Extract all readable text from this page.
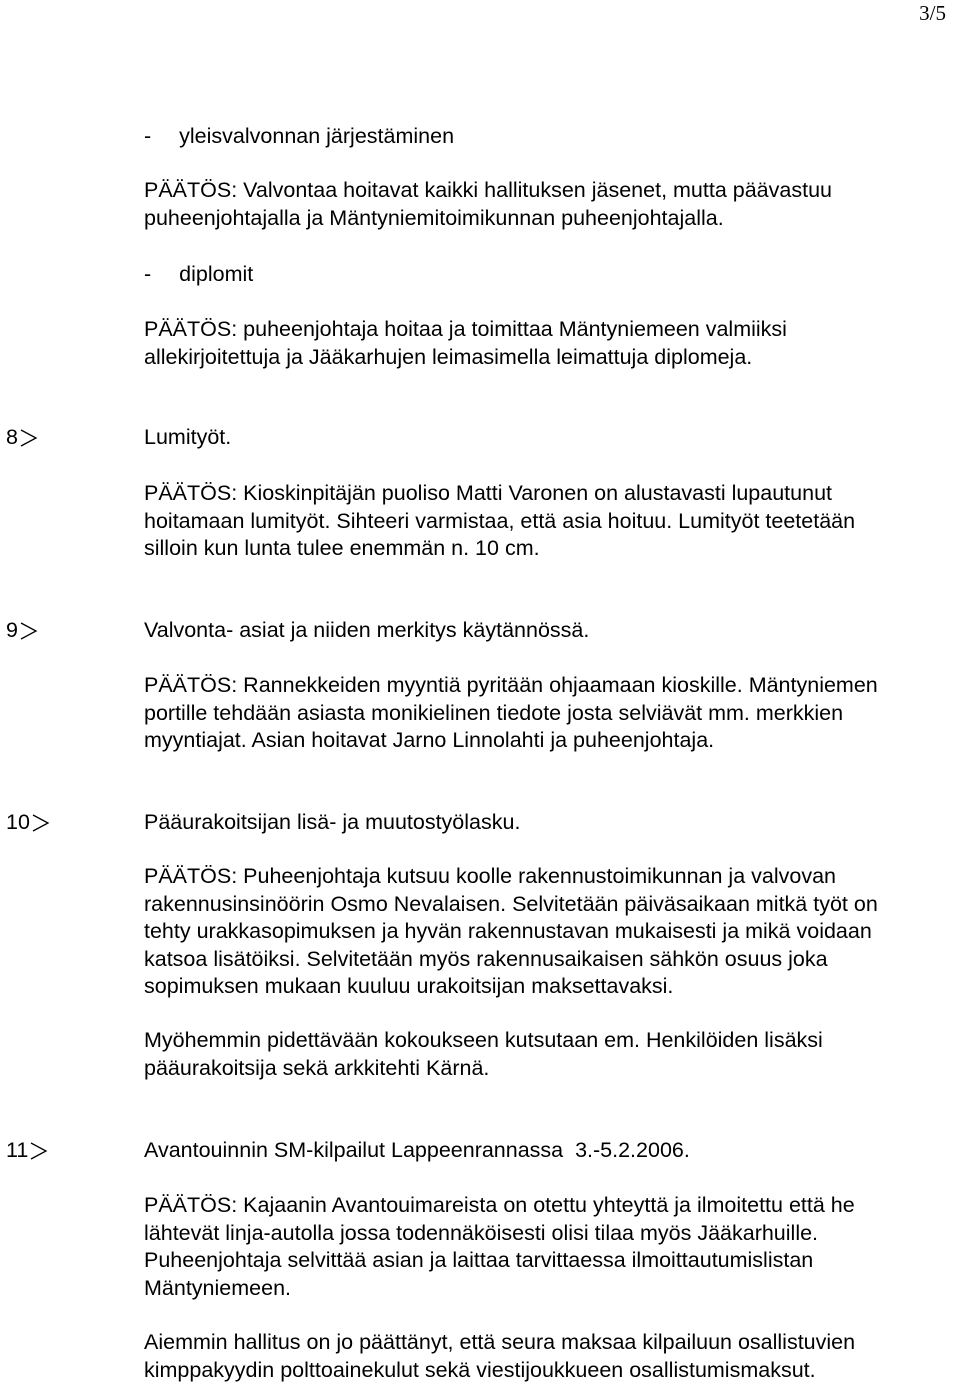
3/5
- yleisvalvonnan järjestäminen
PÄÄTÖS: Valvontaa hoitavat kaikki hallituksen jäsenet, mutta päävastuu
puheenjohtajalla ja Mäntyniemitoimikunnan puheenjohtajalla.
- diplomit
PÄÄTÖS: puheenjohtaja hoitaa ja toimittaa Mäntyniemeen valmiiksi
allekirjoitettuja ja Jääkarhujen leimasimella leimattuja diplomeja.
8	Lumityöt.
PÄÄTÖS: Kioskinpitäjän puoliso Matti Varonen on alustavasti lupautunut
hoitamaan lumityöt. Sihteeri varmistaa, että asia hoituu. Lumityöt teetetään
silloin kun lunta tulee enemmän n. 10 cm.
9	Valvonta- asiat ja niiden merkitys käytännössä.
PÄÄTÖS: Rannekkeiden myyntiä pyritään ohjaamaan kioskille. Mäntyniemen
portille tehdään asiasta monikielinen tiedote josta selviävät mm. merkkien
myyntiajat. Asian hoitavat Jarno Linnolahti ja puheenjohtaja.
10	Pääurakoitsijan lisä- ja muutostyölasku.
PÄÄTÖS: Puheenjohtaja kutsuu koolle rakennustoimikunnan ja valvovan
rakennusinsinöörin Osmo Nevalaisen. Selvitetään päiväsaikaan mitkä työt on
tehty urakkasopimuksen ja hyvän rakennustavan mukaisesti ja mikä voidaan
katsoa lisätöiksi. Selvitetään myös rakennusaikaisen sähkön osuus joka
sopimuksen mukaan kuuluu urakoitsijan maksettavaksi.
Myöhemmin pidettävään kokoukseen kutsutaan em. Henkilöiden lisäksi
pääurakoitsija sekä arkkitehti Kärnä.
11	Avantouinnin SM-kilpailut Lappeenrannassa  3.-5.2.2006.
PÄÄTÖS: Kajaanin Avantouimareista on otettu yhteyttä ja ilmoitettu että he
lähtevät linja-autolla jossa todennäköisesti olisi tilaa myös Jääkarhuille.
Puheenjohtaja selvittää asian ja laittaa tarvittaessa ilmoittautumislistan
Mäntyniemeen.
Aiemmin hallitus on jo päättänyt, että seura maksaa kilpailuun osallistuvien
kimppakyydin polttoainekulut sekä viestijoukkueen osallistumismaksut.
